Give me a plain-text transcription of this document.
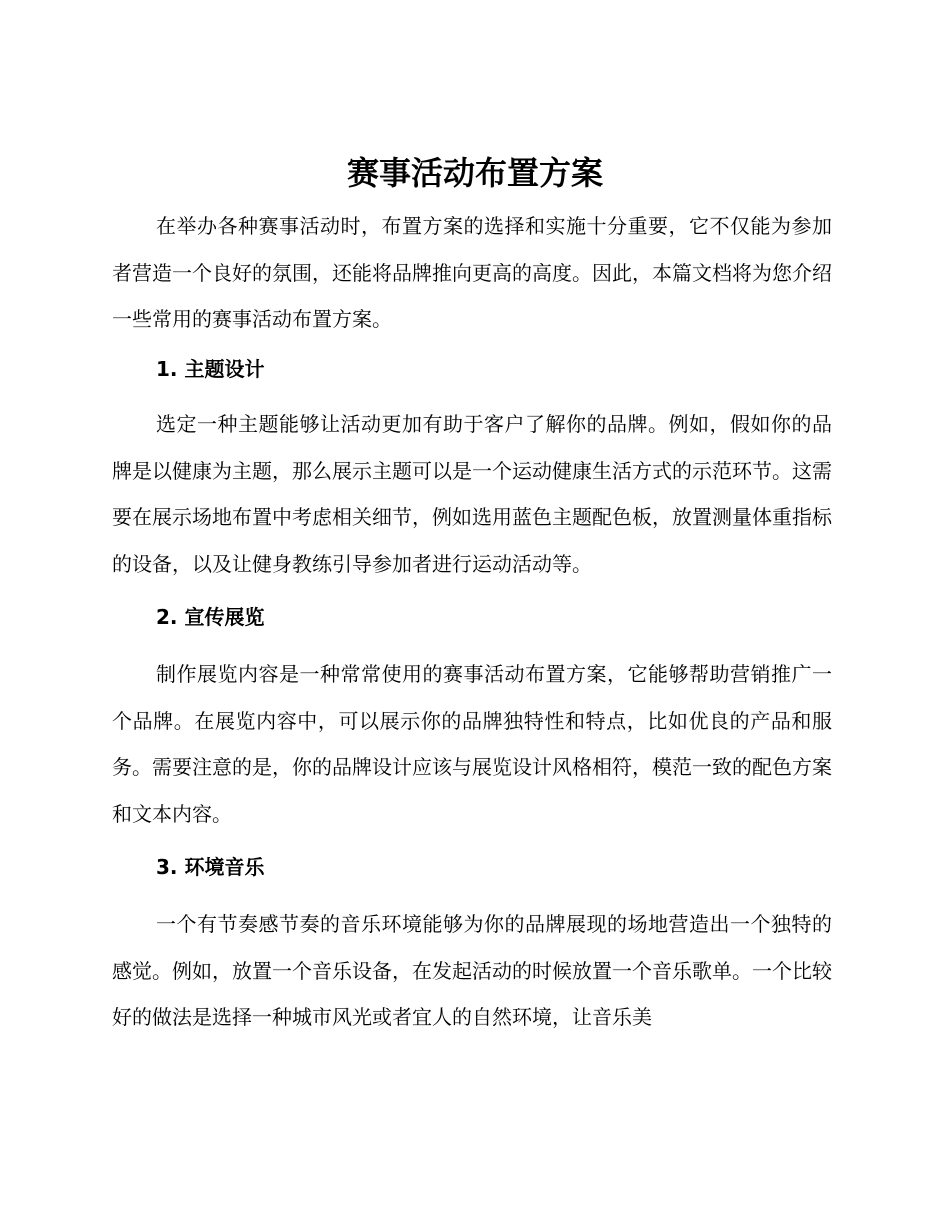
赛事活动布置方案

在举办各种赛事活动时，布置方案的选择和实施十分重要，它不仅能为参加者营造一个良好的氛围，还能将品牌推向更高的高度。因此，本篇文档将为您介绍一些常用的赛事活动布置方案。

1. 主题设计

选定一种主题能够让活动更加有助于客户了解你的品牌。例如，假如你的品牌是以健康为主题，那么展示主题可以是一个运动健康生活方式的示范环节。这需要在展示场地布置中考虑相关细节，例如选用蓝色主题配色板，放置测量体重指标的设备，以及让健身教练引导参加者进行运动活动等。

2. 宣传展览

制作展览内容是一种常常使用的赛事活动布置方案，它能够帮助营销推广一个品牌。在展览内容中，可以展示你的品牌独特性和特点，比如优良的产品和服务。需要注意的是，你的品牌设计应该与展览设计风格相符，模范一致的配色方案和文本内容。

3. 环境音乐

一个有节奏感节奏的音乐环境能够为你的品牌展现的场地营造出一个独特的感觉。例如，放置一个音乐设备，在发起活动的时候放置一个音乐歌单。一个比较好的做法是选择一种城市风光或者宜人的自然环境，让音乐美
